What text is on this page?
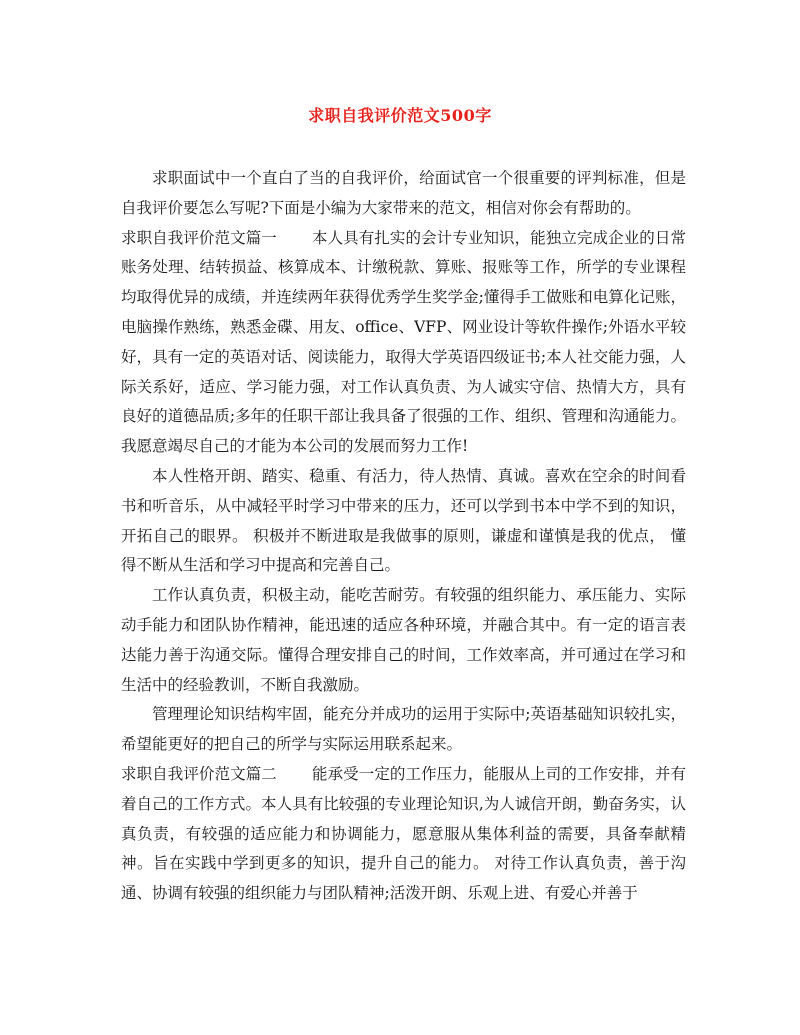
求职自我评价范文500字

求职面试中一个直白了当的自我评价，给面试官一个很重要的评判标准，但是自我评价要怎么写呢?下面是小编为大家带来的范文，相信对你会有帮助的。

求职自我评价范文篇一 本人具有扎实的会计专业知识，能独立完成企业的日常账务处理、结转损益、核算成本、计缴税款、算账、报账等工作，所学的专业课程均取得优异的成绩，并连续两年获得优秀学生奖学金;懂得手工做账和电算化记账，电脑操作熟练，熟悉金碟、用友、office、VFP、网业设计等软件操作;外语水平较好，具有一定的英语对话、阅读能力，取得大学英语四级证书;本人社交能力强，人际关系好，适应、学习能力强，对工作认真负责、为人诚实守信、热情大方，具有良好的道德品质;多年的任职干部让我具备了很强的工作、组织、管理和沟通能力。我愿意竭尽自己的才能为本公司的发展而努力工作!

本人性格开朗、踏实、稳重、有活力，待人热情、真诚。喜欢在空余的时间看书和听音乐，从中减轻平时学习中带来的压力，还可以学到书本中学不到的知识，开拓自己的眼界。 积极并不断进取是我做事的原则，谦虚和谨慎是我的优点， 懂得不断从生活和学习中提高和完善自己。

工作认真负责，积极主动，能吃苦耐劳。有较强的组织能力、承压能力、实际动手能力和团队协作精神，能迅速的适应各种环境，并融合其中。有一定的语言表达能力善于沟通交际。懂得合理安排自己的时间，工作效率高，并可通过在学习和生活中的经验教训，不断自我激励。

管理理论知识结构牢固，能充分并成功的运用于实际中;英语基础知识较扎实，希望能更好的把自己的所学与实际运用联系起来。

求职自我评价范文篇二 能承受一定的工作压力，能服从上司的工作安排，并有着自己的工作方式。本人具有比较强的专业理论知识,为人诚信开朗，勤奋务实，认真负责，有较强的适应能力和协调能力，愿意服从集体利益的需要，具备奉献精神。旨在实践中学到更多的知识，提升自己的能力。 对待工作认真负责，善于沟通、协调有较强的组织能力与团队精神;活泼开朗、乐观上进、有爱心并善于
